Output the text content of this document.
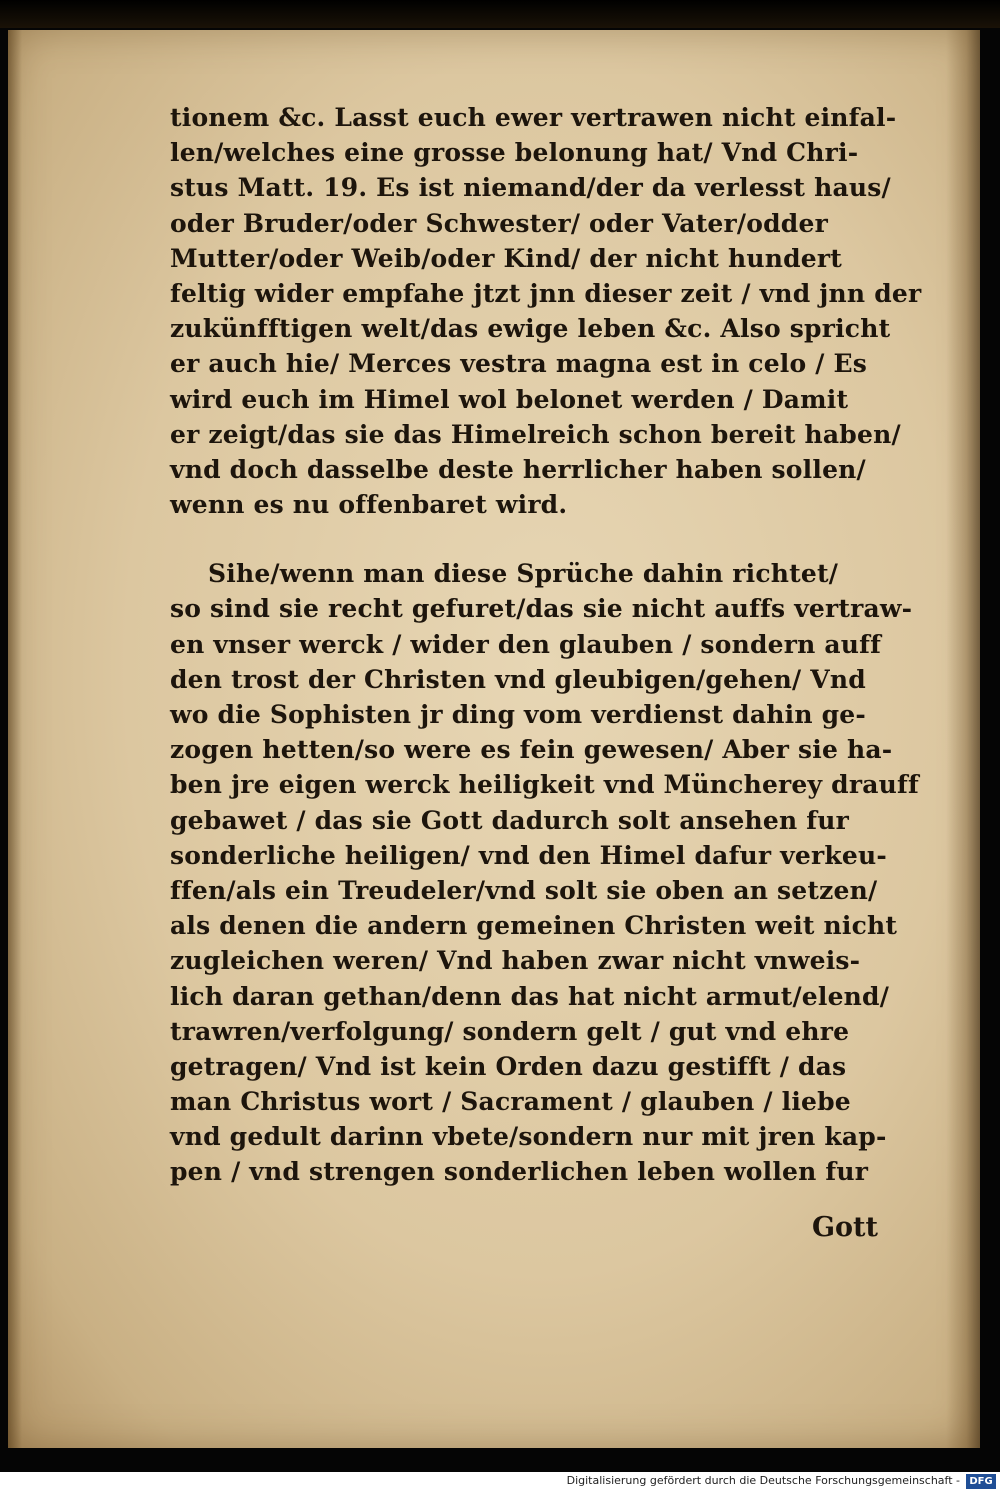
tionem &c. Lasst euch ewer vertrawen nicht einfal-
len/welches eine grosse belonung hat/ Vnd Chri-
stus Matt. 19. Es ist niemand/der da verlesst haus/
oder Bruder/oder Schwester/ oder Vater/odder
Mutter/oder Weib/oder Kind/ der nicht hundert
feltig wider empfahe jtzt jnn dieser zeit / vnd jnn der
zukünfftigen welt/das ewige leben &c. Also spricht
er auch hie/ Merces vestra magna est in celo / Es
wird euch im Himel wol belonet werden / Damit
er zeigt/das sie das Himelreich schon bereit haben/
vnd doch dasselbe deste herrlicher haben sollen/
wenn es nu offenbaret wird.
Sihe/wenn man diese Sprüche dahin richtet/
so sind sie recht gefuret/das sie nicht auffs vertraw-
en vnser werck / wider den glauben / sondern auff
den trost der Christen vnd gleubigen/gehen/ Vnd
wo die Sophisten jr ding vom verdienst dahin ge-
zogen hetten/so were es fein gewesen/ Aber sie ha-
ben jre eigen werck heiligkeit vnd Müncherey drauff
gebawet / das sie Gott dadurch solt ansehen fur
sonderliche heiligen/ vnd den Himel dafur verkeu-
ffen/als ein Treudeler/vnd solt sie oben an setzen/
als denen die andern gemeinen Christen weit nicht
zugleichen weren/ Vnd haben zwar nicht vnweis-
lich daran gethan/denn das hat nicht armut/elend/
trawren/verfolgung/ sondern gelt / gut vnd ehre
getragen/ Vnd ist kein Orden dazu gestifft / das
man Christus wort / Sacrament / glauben / liebe
vnd gedult darinn vbete/sondern nur mit jren kap-
pen / vnd strengen sonderlichen leben wollen fur
Gott
Digitalisierung gefördert durch die Deutsche Forschungsgemeinschaft - DFG
